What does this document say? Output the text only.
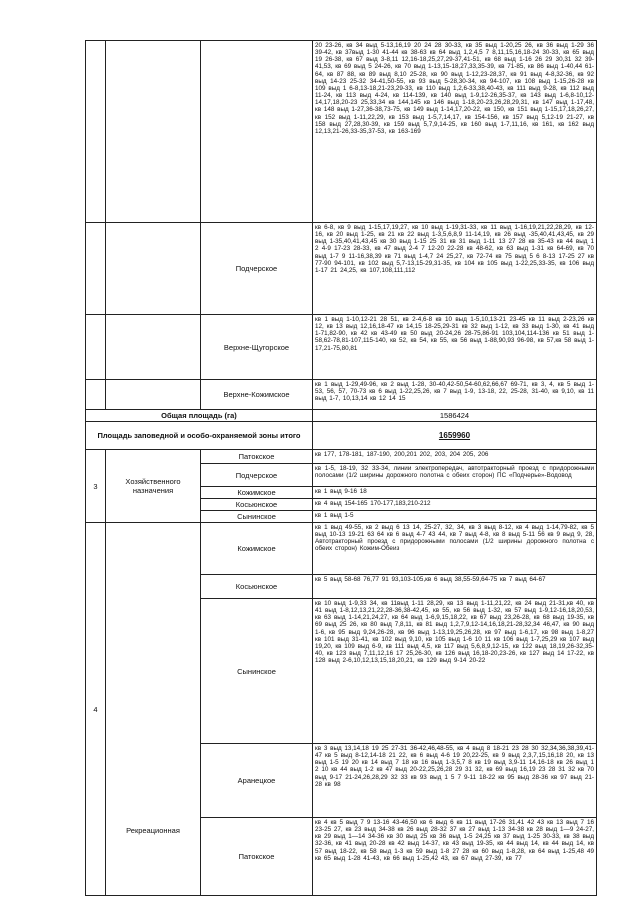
			20 23-26, кв 34 выд 5-13,16,19 20 24 28 30-33, кв 35 выд 1-20,25 26, кв 36 выд 1-29 36 39-42, кв 37выд 1-30 41-44 кв 38-63 кв 64 выд 1,2,4,5 7 8,11,15,16,18-24 30-33, кв 65 выд 19 26-38, кв 67 выд 3-8,11 12,16-18,25,27,29-37,41-51, кв 68 выд 1-16 26 29 30,31 32 39-41,53, кв 69 выд 5 24-26, кв 70 выд 1-13,15-18,27,33,35-39, кв 71-85, кв 86 выд 1-40,44 61-64, кв 87 88, кв 89 выд 8,10 25-28, кв 90 выд 1-12,23-28,37, кв 91 выд 4-8,32-36, кв 92 выд 14-23 25-32 34-41,50-55, кв 93 выд 5-28,30-34, кв 94-107, кв 108 выд 1-15,26-28 кв 109 выд 1 6-8,13-18,21-23,29-33, кв 110 выд 1,2,6-33,38,40-43, кв 111 выд 9-28, кв 112 выд 11-24, кв 113 выд 4-24, кв 114-139, кв 140 выд 1-9,12-26,35-37, кв 143 выд 1-6,8-10,12-14,17,18,20-23 25,33,34 кв 144,145 кв 146 выд 1-18,20-23,26,28,29,31, кв 147 выд 1-17,48, кв 148 выд 1-27,36-38,73-75, кв 149 выд 1-14,17,20-22, кв 150, кв 151 выд 1-15,17,18,26,27, кв 152 выд 1-11,22,29, кв 153 выд 1-5,7,14,17, кв 154-156, кв 157 выд 5,12-19 21-27, кв 158 выд 27,28,30-39, кв 159 выд 5,7,9,14-25, кв 160 выд 1-7,11,16, кв 161, кв 162 выд 12,13,21-26,33-35,37-53, кв 163-169
		Подчерское	кв 6-8, кв 9 выд 1-15,17,19,27, кв 10 выд 1-19,31-33, кв 11 выд 1-16,19,21,22,28,29, кв 12-16, кв 20 выд 1-25, кв 21 кв 22 выд 1-3,5,6,8,9 11-14,19, кв 26 выд -35,40,41,43,45, кв 29 выд 1-35,40,41,43,45 кв 30 выд 1-15 25 31 кв 31 выд 1-11 13 27 28 кв 35-43 кв 44 выд 1 2 4-9 17-23 28-33, кв 47 выд 2-4 7 12-20 22-28 кв 48-62, кв 63 выд 1-31 кв 64-69, кв 70 выд 1-7 9 11-16,38,39 кв 71 выд 1-4,7 24 25,27, кв 72-74 кв 75 выд 5 6 8-13 17-25 27 кв 77-90 94-101, кв 102 выд 5,7-13,15-29,31-35, кв 104 кв 105 выд 1-22,25,33-35, кв 106 выд 1-17 21 24,25, кв 107,108,111,112
		Верхне-Щугорское	кв 1 выд 1-10,12-21 28 51, кв 2-4,6-8 кв 10 выд 1-5,10,13-21 23-45 кв 11 выд 2-23,26 кв 12, кв 13 выд 12,16,18-47 кв 14,15 18-25,29-31 кв 32 выд 1-12, кв 33 выд 1-30, кв 41 выд 1-71,82-90, кв 42 кв 43-49 кв 50 выд 20-24,26 28-75,86-91 103,104,114-136 кв 51 выд 1-58,62-78,81-107,115-140, кв 52, кв 54, кв 55, кв 56 выд 1-88,90,93 96-98, кв 57,кв 58 выд 1-17,21-75,80,81
		Верхне-Кожимское	кв 1 выд 1-29,49-96, кв 2 выд 1-28, 30-40,42-50,54-60,62,66,67 69-71, кв 3, 4, кв 5 выд 1-53, 56, 57, 70-73 кв 6 выд 1-22,25,26, кв 7 выд 1-9, 13-18, 22, 25-28, 31-40, кв 9,10, кв 11 выд 1-7, 10,13,14 кв 12 14 15
Общая площадь (га)			1586424
Площадь заповедной и особо-охраняемой зоны итого			1659960
3	Хозяйственного назначения	Патокское	кв 177, 178-181, 187-190, 200,201 202, 203, 204 205, 206
		Подчерское	кв 1-5, 18-19, 32 33-34, линии электропередач, автотракторный проезд с придорожными полосами (1/2 ширины дорожного полотна с обеих сторон) ПС «Подчерье»-Водовод
		Кожимское	кв 1 выд 9-16 18
		Косьюнское	кв 4 выд 154-165 170-177,183,210-212
		Сынинское	кв 1 выд 1-5
4	Рекреационная	Кожимское	кв 1 выд 49-55, кв 2 выд 6 13 14, 25-27, 32, 34, кв 3 выд 8-12, кв 4 выд 1-14,79-82, кв 5 выд 10-13 19-21 63 64 кв 6 выд 4-7 43 44, кв 7 выд 4-8, кв 8 выд 5-11 56 кв 9 выд 9, 28, Автотракторный проезд с придорожными полосами (1/2 ширины дорожного полотна с обеих сторон) Кожим-Обеиз
		Косьюнское	кв 5 выд 58-68 76,77 91 93,103-105,кв 6 выд 38,55-59,64-75 кв 7 выд 64-67
		Сынинское	кв 10 выд 1-9,33 34, кв 11выд 1-11 28,29, кв 13 выд 1-11,21,22, кв 24 выд 21-31,кв 40, кв 41 выд 1-8,12,13,21,22,28-36,38-42,45, кв 55, кв 56 выд 1-32, кв 57 выд 1-9,12-16,18,20,53, кв 63 выд 1-14,21,24,27, кв 64 выд 1-6,9,15,18,22, кв 67 выд 23,26-28, кв 68 выд 19-35, кв 69 выд 25 26, кв 80 выд 7,8,11, кв 81 выд 1,2,7,9,12-14,16,18,21-28,32,34 46,47, кв 90 выд 1-6, кв 95 выд 9,24,26-28, кв 96 выд 1-13,19,25,26,28, кв 97 выд 1-6,17, кв 98 выд 1-8,27 кв 101 выд 31-41, кв 102 выд 9,10, кв 105 выд 1-6 10 11 кв 106 выд 1-7,25,29 кв 107 выд 19,20, кв 109 выд 6-9, кв 111 выд 4,5, кв 117 выд 5,6,8,9,12-15, кв 122 выд 18,19,26-32,35-40, кв 123 выд 7,11,12,16 17 25,26-30, кв 126 выд 16,18-20,23-26, кв 127 выд 14 17-22, кв 128 выд 2-6,10,12,13,15,18,20,21, кв 129 выд 9-14 20-22
		Аранецкое	кв 3 выд 13,14,18 19 25 27-31 36-42,46,48-55, кв 4 выд 8 18-21 23 28 30 32,34,36,38,39,41-47 кв 5 выд 8-12,14-18 21 22, кв 6 выд 4-6 19 20,22-25, кв 9 выд 2,3,7,15,16,18 20, кв 13 выд 1-5 19 20 кв 14 выд 7 18 кв 16 выд 1-3,5,7 8 кв 19 выд 3,9-11 14,16-18 кв 26 выд 1 2 10 кв 44 выд 1-2 кв 47 выд 20-22,25,26,28 29 31 32, кв 69 выд 16,19 23 28 31 32 кв 70 выд 9-17 21-24,26,28,29 32 33 кв 93 выд 1 5 7 9-11 18-22 кв 95 выд 28-36 кв 97 выд 21-28 кв 98
		Патокское	кв 4 кв 5 выд 7 9 13-16 43-46,50 кв 6 выд 6 кв 11 выд 17-26 31,41 42 43 кв 13 выд 7 16 23-25 27, кв 23 выд 34-38 кв 26 выд 28-32 37 кв 27 выд 1-13 34-38 кв 28 выд 1—9 24-27, кв 29 выд 1—14 34-36 кв 30 выд 25 кв 36 выд 1-5 24,25 кв 37 выд 1-25 30-33, кв 38 выд 32-36, кв 41 выд 20-28 кв 42 выд 14-37, кв 43 выд 19-35, кв 44 выд 14, кв 44 выд 14, кв 57 выд 18-22, кв 58 выд 1-3 кв 59 выд 1-8 27 28 кв 60 выд 1-8,28, кв 64 выд 1-25,48 49 кв 65 выд 1-28 41-43, кв 66 выд 1-25,42 43, кв 67 выд 27-39, кв 77
